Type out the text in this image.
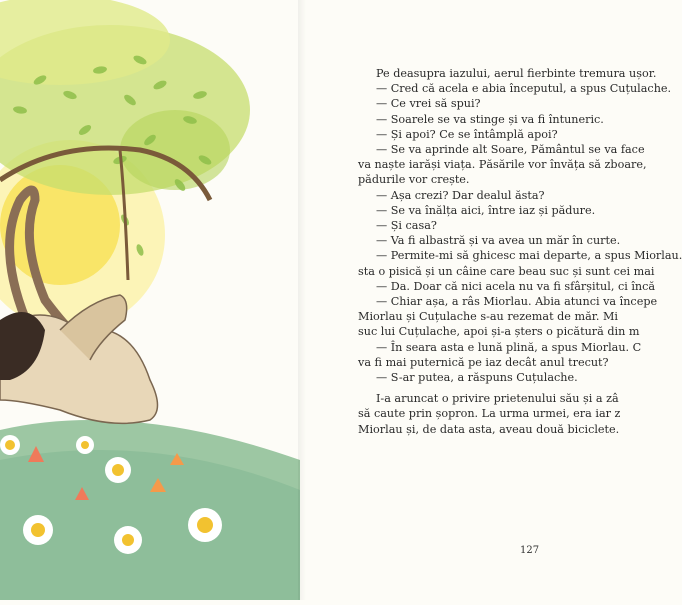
Pe deasupra iazului, aerul fierbinte tremura ușor.

— Cred că acela e abia începutul, a spus Cuțulache.

— Ce vrei să spui?

— Soarele se va stinge și va fi întuneric.

— Și apoi? Ce se întâmplă apoi?

— Se va aprinde alt Soare, Pământul se va face

va naște iarăși viața. Păsările vor învăța să zboare,

pădurile vor crește.

— Așa crezi? Dar dealul ăsta?

— Se va înălța aici, între iaz și pădure.

— Și casa?

— Va fi albastră și va avea un măr în curte.

— Permite-mi să ghicesc mai departe, a spus Miorlau.

sta o pisică și un câine care beau suc și sunt cei mai

— Da. Doar că nici acela nu va fi sfârșitul, ci încă

— Chiar așa, a râs Miorlau. Abia atunci va începe

Miorlau și Cuțulache s-au rezemat de măr. Mi

suc lui Cuțulache, apoi și-a șters o picătură din m

— În seara asta e lună plină, a spus Miorlau. C

va fi mai puternică pe iaz decât anul trecut?

— S-ar putea, a răspuns Cuțulache.

I-a aruncat o privire prietenului său și a zâ

să caute prin șopron. La urma urmei, era iar z

Miorlau și, de data asta, aveau două biciclete.

127
